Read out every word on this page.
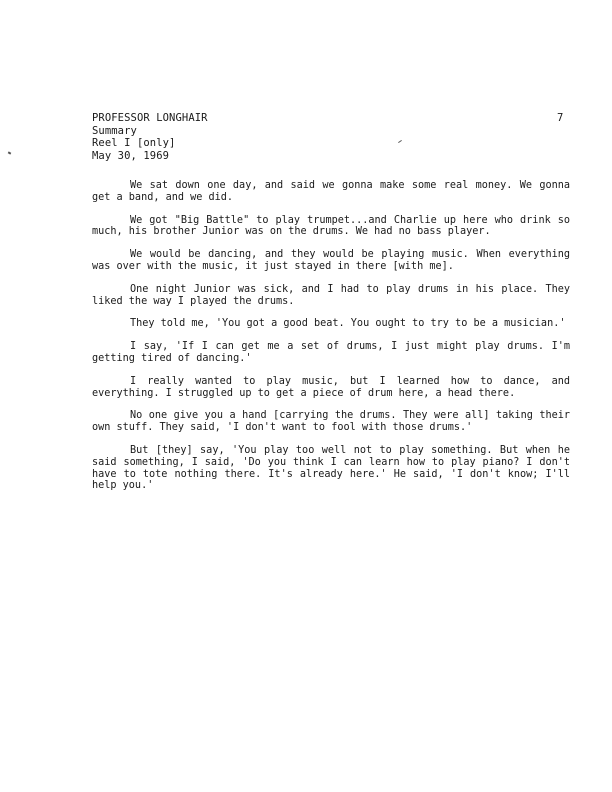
PROFESSOR LONGHAIR
Summary
Reel I [only]
May 30, 1969
7

We sat down one day, and said we gonna make some real money. We gonna get a band, and we did.

We got "Big Battle" to play trumpet...and Charlie up here who drink so much, his brother Junior was on the drums. We had no bass player.

We would be dancing, and they would be playing music. When everything was over with the music, it just stayed in there [with me].

One night Junior was sick, and I had to play drums in his place. They liked the way I played the drums.

They told me, 'You got a good beat. You ought to try to be a musician.'

I say, 'If I can get me a set of drums, I just might play drums. I'm getting tired of dancing.'

I really wanted to play music, but I learned how to dance, and everything. I struggled up to get a piece of drum here, a head there.

No one give you a hand [carrying the drums. They were all] taking their own stuff. They said, 'I don't want to fool with those drums.'

But [they] say, 'You play too well not to play something. But when he said something, I said, 'Do you think I can learn how to play piano? I don't have to tote nothing there. It's already here.' He said, 'I don't know; I'll help you.'
